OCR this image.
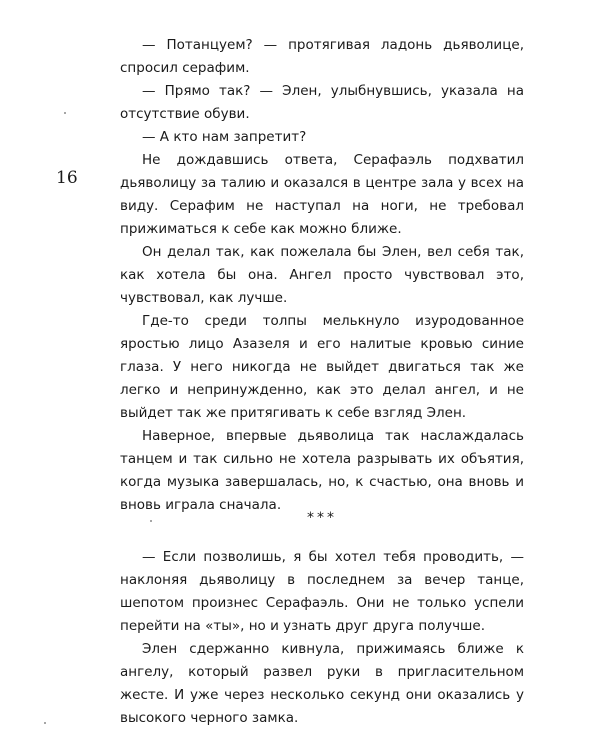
16

— Потанцуем? — протягивая ладонь дьяволице, спросил серафим.

— Прямо так? — Элен, улыбнувшись, указала на отсутствие обуви.

— А кто нам запретит?

Не дождавшись ответа, Серафаэль подхватил дьяволицу за талию и оказался в центре зала у всех на виду. Серафим не наступал на ноги, не требовал прижиматься к себе как можно ближе.

Он делал так, как пожелала бы Элен, вел себя так, как хотела бы она. Ангел просто чувствовал это, чувствовал, как лучше.

Где-то среди толпы мелькнуло изуродованное яростью лицо Азазеля и его налитые кровью синие глаза. У него никогда не выйдет двигаться так же легко и непринужденно, как это делал ангел, и не выйдет так же притягивать к себе взгляд Элен.

Наверное, впервые дьяволица так наслаждалась танцем и так сильно не хотела разрывать их объятия, когда музыка завершалась, но, к счастью, она вновь и вновь играла сначала.

***

— Если позволишь, я бы хотел тебя проводить, — наклоняя дьяволицу в последнем за вечер танце, шепотом произнес Серафаэль. Они не только успели перейти на «ты», но и узнать друг друга получше.

Элен сдержанно кивнула, прижимаясь ближе к ангелу, который развел руки в пригласительном жесте. И уже через несколько секунд они оказались у высокого черного замка.
